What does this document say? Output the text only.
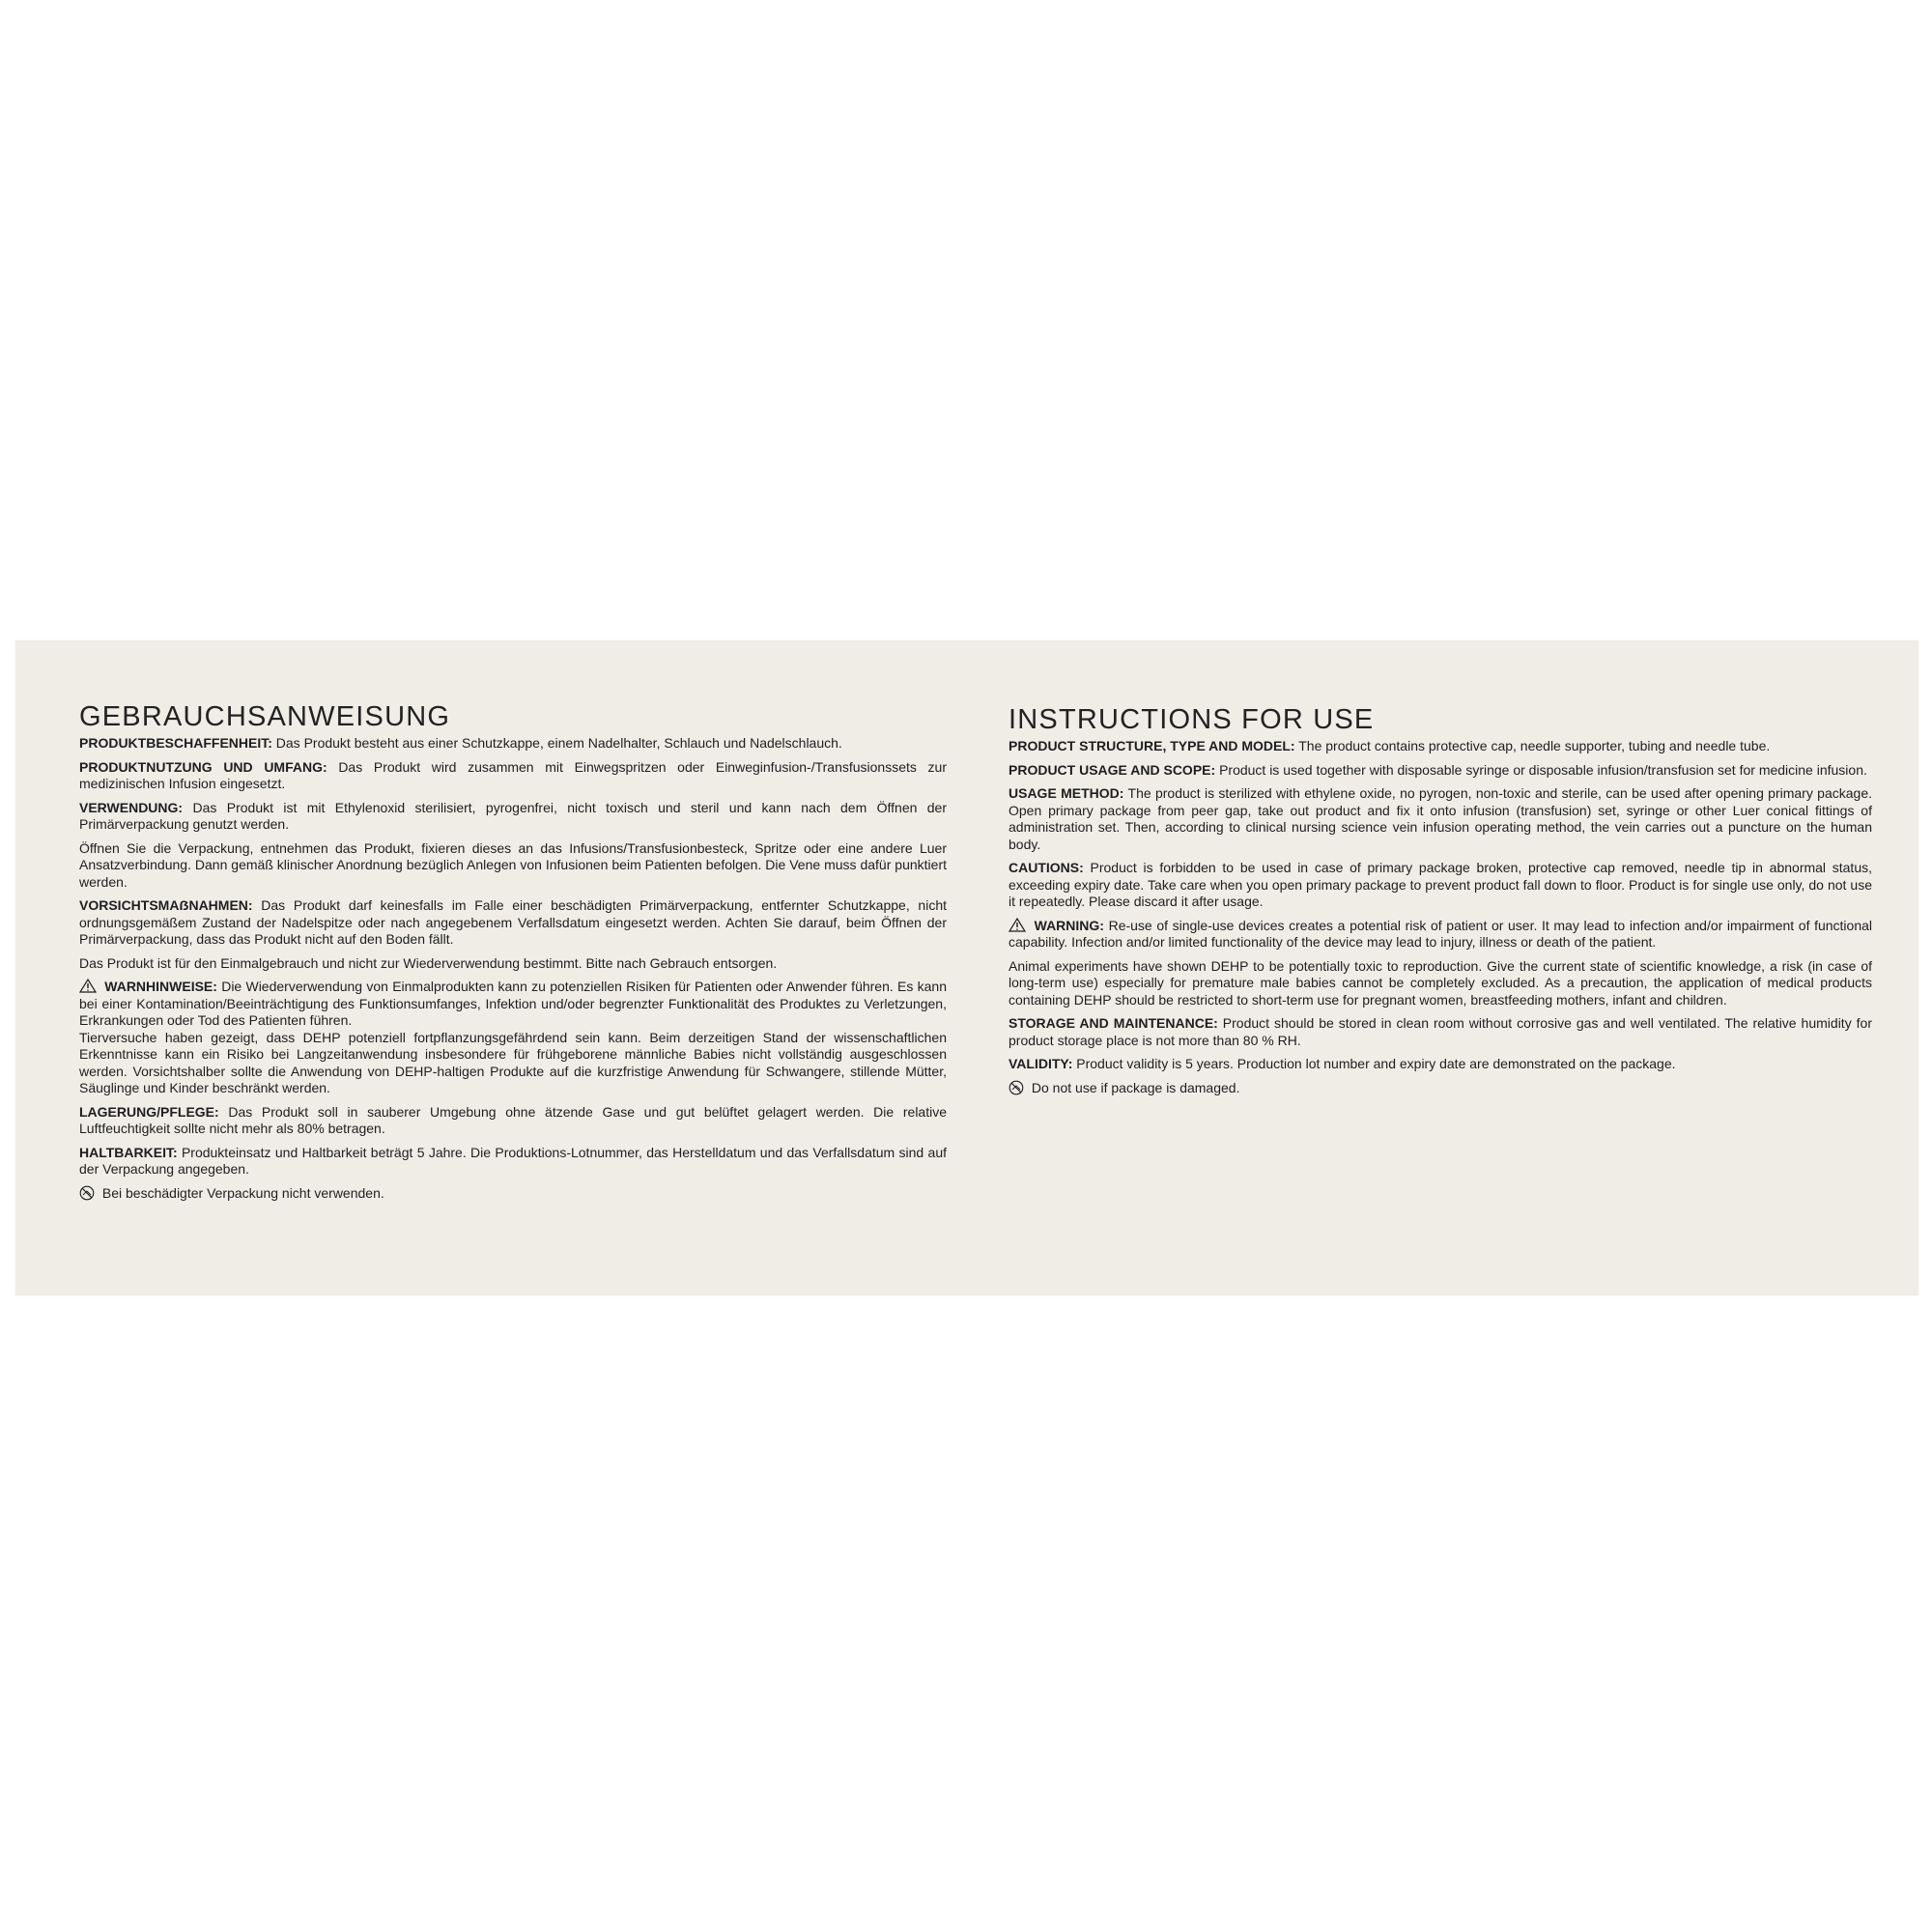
GEBRAUCHSANWEISUNG

PRODUKTBESCHAFFENHEIT: Das Produkt besteht aus einer Schutzkappe, einem Nadelhalter, Schlauch und Nadelschlauch.

PRODUKTNUTZUNG UND UMFANG: Das Produkt wird zusammen mit Einwegspritzen oder Einweginfusion-/Transfusionssets zur medizinischen Infusion eingesetzt.

VERWENDUNG: Das Produkt ist mit Ethylenoxid sterilisiert, pyrogenfrei, nicht toxisch und steril und kann nach dem Öffnen der Primärverpackung genutzt werden.

Öffnen Sie die Verpackung, entnehmen das Produkt, fixieren dieses an das Infusions/Transfusionbesteck, Spritze oder eine andere Luer Ansatzverbindung. Dann gemäß klinischer Anordnung bezüglich Anlegen von Infusionen beim Patienten befolgen. Die Vene muss dafür punktiert werden.

VORSICHTSMAẞNAHMEN: Das Produkt darf keinesfalls im Falle einer beschädigten Primärverpackung, entfernter Schutzkappe, nicht ordnungsgemäßem Zustand der Nadelspitze oder nach angegebenem Verfallsdatum eingesetzt werden. Achten Sie darauf, beim Öffnen der Primärverpackung, dass das Produkt nicht auf den Boden fällt.

Das Produkt ist für den Einmalgebrauch und nicht zur Wiederverwendung bestimmt. Bitte nach Gebrauch entsorgen.

WARNHINWEISE: Die Wiederverwendung von Einmalprodukten kann zu potenziellen Risiken für Patienten oder Anwender führen. Es kann bei einer Kontamination/Beeinträchtigung des Funktionsumfanges, Infektion und/oder begrenzter Funktionalität des Produktes zu Verletzungen, Erkrankungen oder Tod des Patienten führen.

Tierversuche haben gezeigt, dass DEHP potenziell fortpflanzungsgefährdend sein kann. Beim derzeitigen Stand der wissenschaftlichen Erkenntnisse kann ein Risiko bei Langzeitanwendung insbesondere für frühgeborene männliche Babies nicht vollständig ausgeschlossen werden. Vorsichtshalber sollte die Anwendung von DEHP-haltigen Produkte auf die kurzfristige Anwendung für Schwangere, stillende Mütter, Säuglinge und Kinder beschränkt werden.

LAGERUNG/PFLEGE: Das Produkt soll in sauberer Umgebung ohne ätzende Gase und gut belüftet gelagert werden. Die relative Luftfeuchtigkeit sollte nicht mehr als 80% betragen.

HALTBARKEIT: Produkteinsatz und Haltbarkeit beträgt 5 Jahre. Die Produktions-Lotnummer, das Herstelldatum und das Verfallsdatum sind auf der Verpackung angegeben.

Bei beschädigter Verpackung nicht verwenden.

INSTRUCTIONS FOR USE

PRODUCT STRUCTURE, TYPE AND MODEL: The product contains protective cap, needle supporter, tubing and needle tube.

PRODUCT USAGE AND SCOPE: Product is used together with disposable syringe or disposable infusion/transfusion set for medicine infusion.

USAGE METHOD: The product is sterilized with ethylene oxide, no pyrogen, non-toxic and sterile, can be used after opening primary package. Open primary package from peer gap, take out product and fix it onto infusion (transfusion) set, syringe or other Luer conical fittings of administration set. Then, according to clinical nursing science vein infusion operating method, the vein carries out a puncture on the human body.

CAUTIONS: Product is forbidden to be used in case of primary package broken, protective cap removed, needle tip in abnormal status, exceeding expiry date. Take care when you open primary package to prevent product fall down to floor. Product is for single use only, do not use it repeatedly. Please discard it after usage.

WARNING: Re-use of single-use devices creates a potential risk of patient or user. It may lead to infection and/or impairment of functional capability. Infection and/or limited functionality of the device may lead to injury, illness or death of the patient.

Animal experiments have shown DEHP to be potentially toxic to reproduction. Give the current state of scientific knowledge, a risk (in case of long-term use) especially for premature male babies cannot be completely excluded. As a precaution, the application of medical products containing DEHP should be restricted to short-term use for pregnant women, breastfeeding mothers, infant and children.

STORAGE AND MAINTENANCE: Product should be stored in clean room without corrosive gas and well ventilated. The relative humidity for product storage place is not more than 80 % RH.

VALIDITY: Product validity is 5 years. Production lot number and expiry date are demonstrated on the package.

Do not use if package is damaged.
